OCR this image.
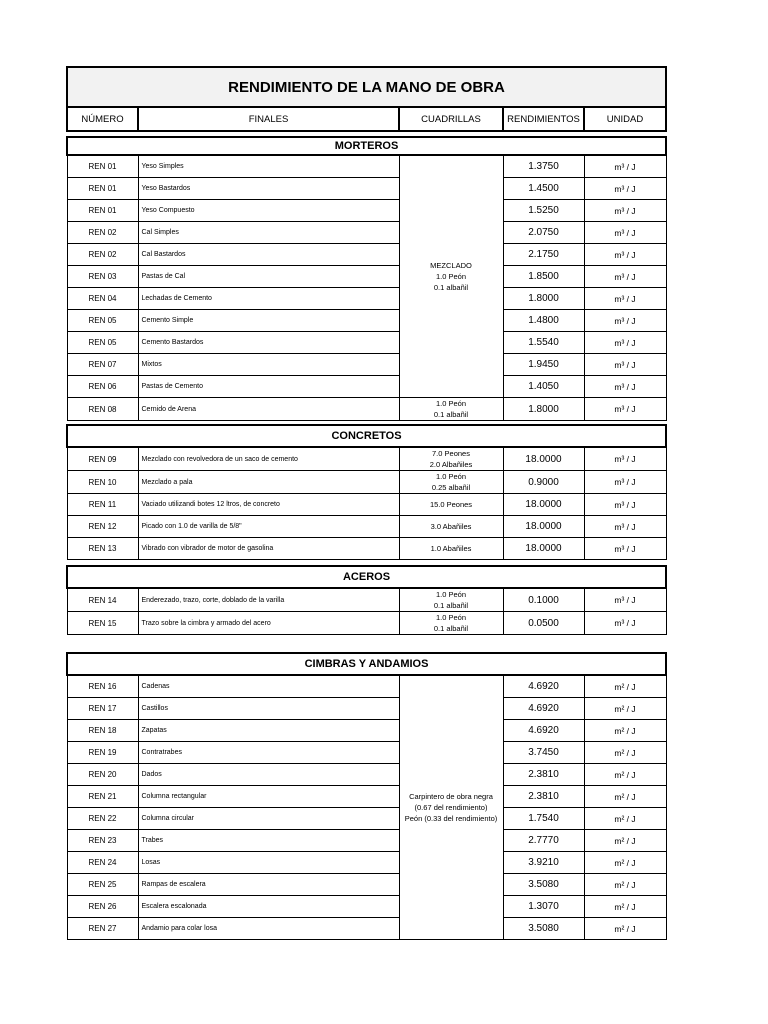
RENDIMIENTO DE LA MANO DE OBRA
NÚMERO	FINALES	CUADRILLAS	RENDIMIENTOS	UNIDAD
MORTEROS				
REN 01	Yeso Simples	MEZCLADO
1.0 Peón
0.1 albañil	1.3750	m³ / J
REN 01	Yeso Bastardos		1.4500	m³ / J
REN 01	Yeso Compuesto		1.5250	m³ / J
REN 02	Cal Simples		2.0750	m³ / J
REN 02	Cal Bastardos		2.1750	m³ / J
REN 03	Pastas de Cal		1.8500	m³ / J
REN 04	Lechadas de Cemento		1.8000	m³ / J
REN 05	Cemento Simple		1.4800	m³ / J
REN 05	Cemento Bastardos		1.5540	m³ / J
REN 07	Mixtos		1.9450	m³ / J
REN 06	Pastas de Cemento		1.4050	m³ / J
REN 08	Cernido de Arena	1.0 Peón
0.1 albañil	1.8000	m³ / J
CONCRETOS				
REN 09	Mezclado con revolvedora de un saco de cemento	7.0 Peones
2.0 Albañiles	18.0000	m³ / J
REN 10	Mezclado a pala	1.0 Peón
0.25 albañil	0.9000	m³ / J
REN 11	Vaciado utilizandi botes 12 ltros, de concreto	15.0 Peones	18.0000	m³ / J
REN 12	Picado con 1.0 de varilla de 5/8"	3.0 Abañiles	18.0000	m³ / J
REN 13	Vibrado con vibrador de motor de gasolina	1.0 Abañiles	18.0000	m³ / J
ACEROS				
REN 14	Enderezado, trazo, corte, doblado de la varilla	1.0 Peón
0.1 albañil	0.1000	m³ / J
REN 15	Trazo sobre la cimbra y armado del acero	1.0 Peón
0.1 albañil	0.0500	m³ / J
CIMBRAS Y ANDAMIOS				
REN 16	Cadenas	Carpintero de obra negra
(0.67 del rendimiento)
Peón (0.33 del rendimiento)	4.6920	m² / J
REN 17	Castillos		4.6920	m² / J
REN 18	Zapatas		4.6920	m² / J
REN 19	Contratrabes		3.7450	m² / J
REN 20	Dados		2.3810	m² / J
REN 21	Columna rectangular		2.3810	m² / J
REN 22	Columna circular		1.7540	m² / J
REN 23	Trabes		2.7770	m² / J
REN 24	Losas		3.9210	m² / J
REN 25	Rampas de escalera		3.5080	m² / J
REN 26	Escalera escalonada		1.3070	m² / J
REN 27	Andamio para colar losa		3.5080	m² / J
